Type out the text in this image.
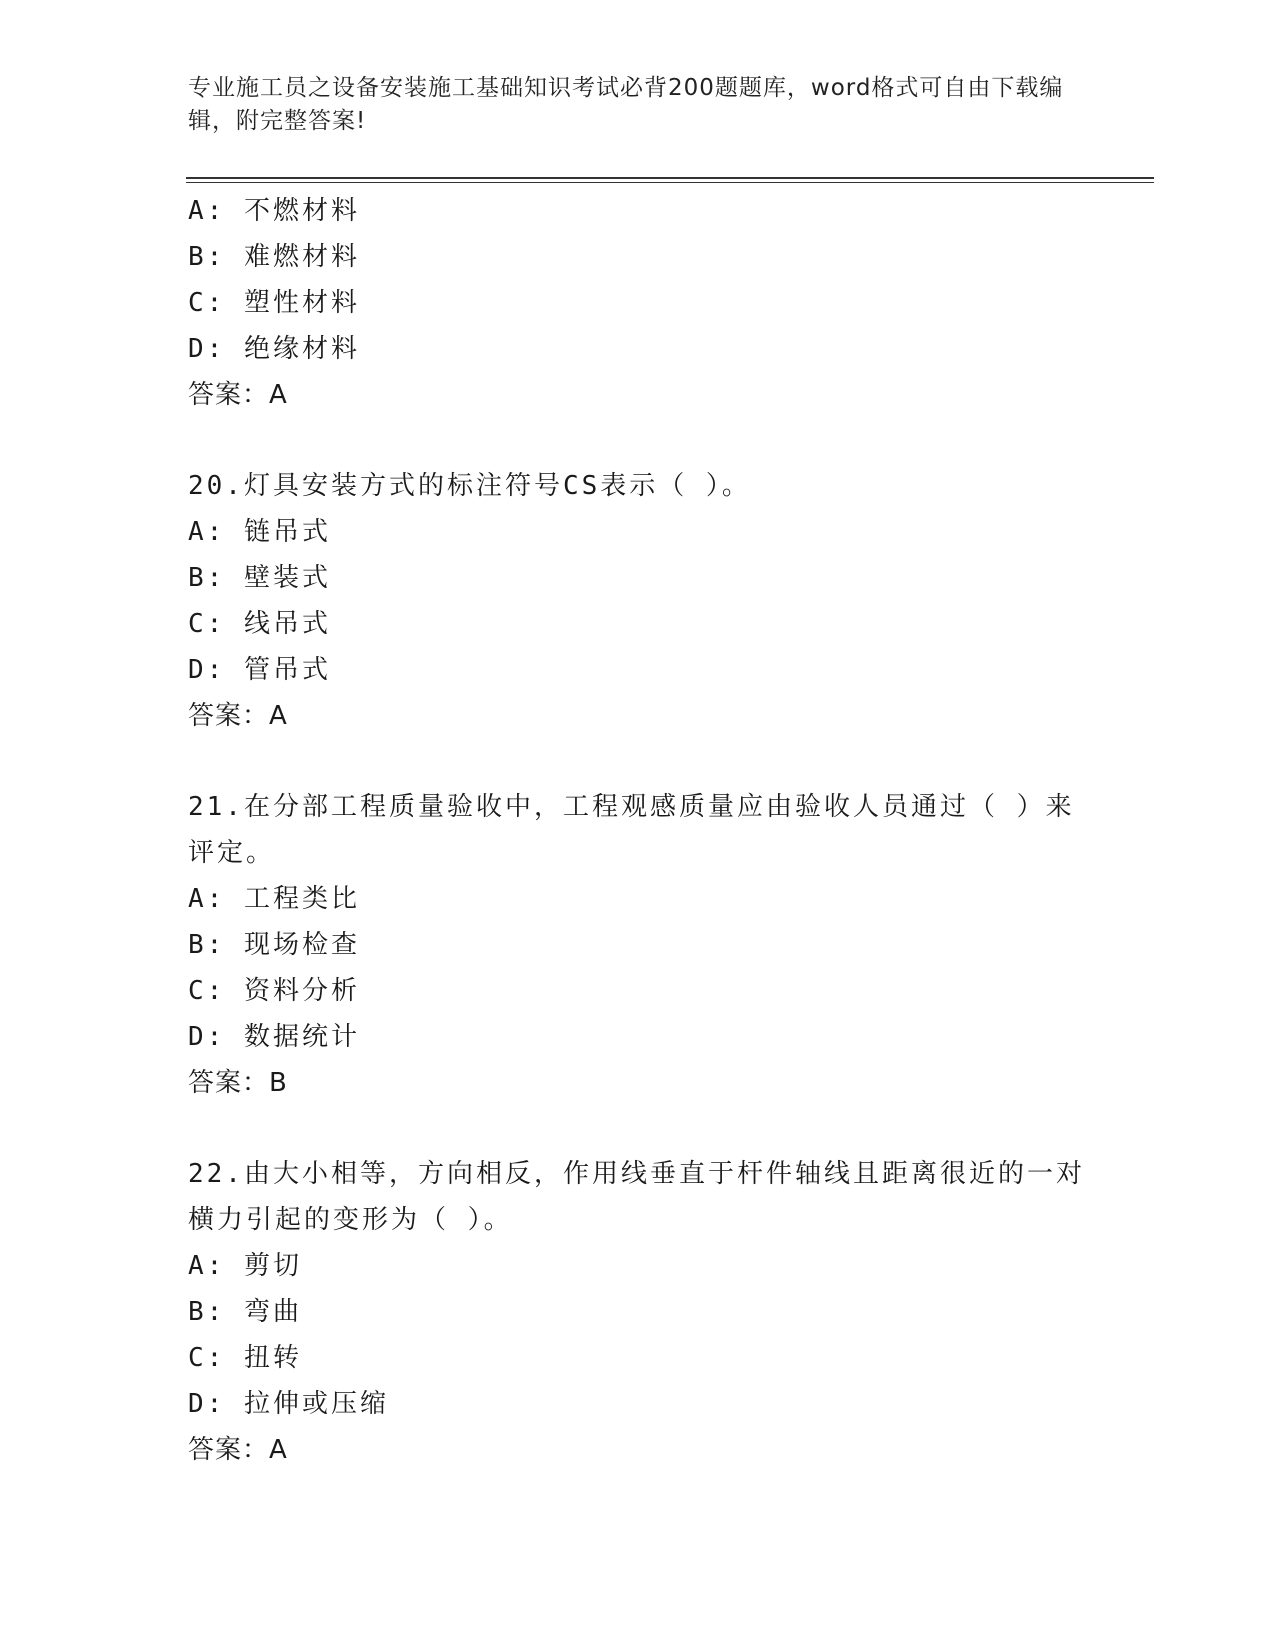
专业施工员之设备安装施工基础知识考试必背200题题库，word格式可自由下载编辑，附完整答案!
A: 不燃材料
B: 难燃材料
C: 塑性材料
D: 绝缘材料
答案：A
20.灯具安装方式的标注符号CS表示（ ）。
A: 链吊式
B: 壁装式
C: 线吊式
D: 管吊式
答案：A
21.在分部工程质量验收中，工程观感质量应由验收人员通过（ ）来评定。
A: 工程类比
B: 现场检查
C: 资料分析
D: 数据统计
答案：B
22.由大小相等，方向相反，作用线垂直于杆件轴线且距离很近的一对横力引起的变形为（ ）。
A: 剪切
B: 弯曲
C: 扭转
D: 拉伸或压缩
答案：A
